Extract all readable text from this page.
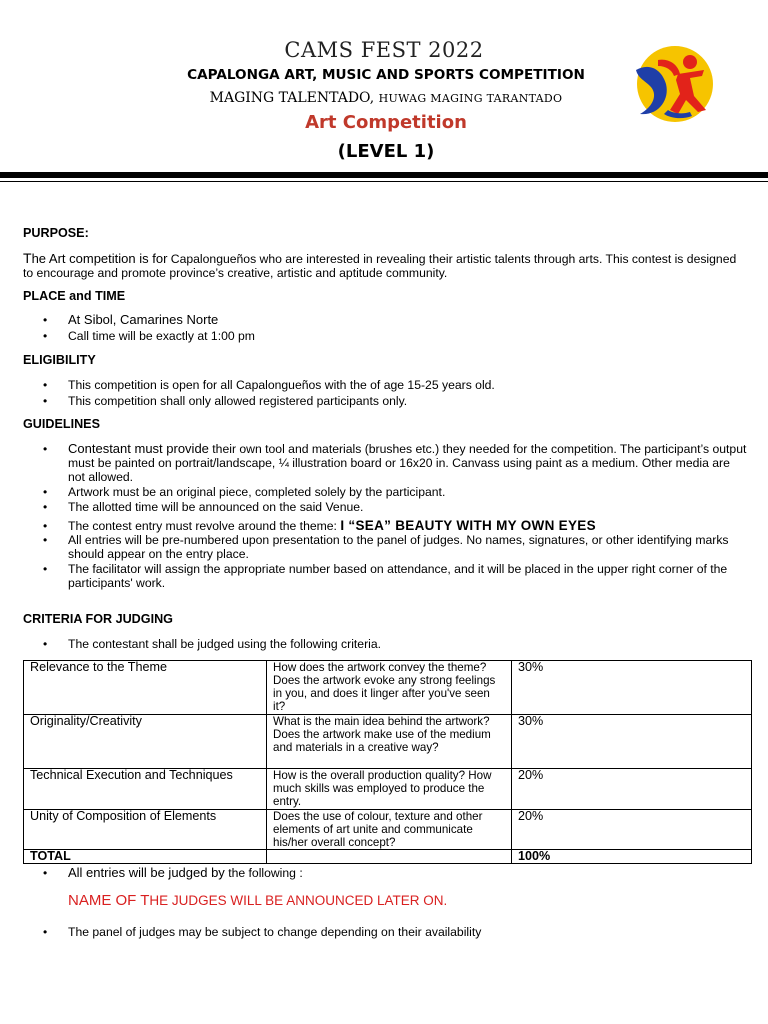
CAMS FEST 2022
CAPALONGA ART, MUSIC AND SPORTS COMPETITION
MAGING TALENTADO, HUWAG MAGING TARANTADO
Art Competition
(LEVEL 1)

PURPOSE:

The Art competition is for Capalongueños who are interested in revealing their artistic talents through arts. This contest is designed to encourage and promote province’s creative, artistic and aptitude community.

PLACE and TIME

• At Sibol, Camarines Norte
• Call time will be exactly at 1:00 pm

ELIGIBILITY

• This competition is open for all Capalongueños with the of age 15-25 years old.
• This competition shall only allowed registered participants only.

GUIDELINES

• Contestant must provide their own tool and materials (brushes etc.) they needed for the competition. The participant’s output must be painted on portrait/landscape, ¼ illustration board or 16x20 in. Canvass using paint as a medium. Other media are not allowed.
• Artwork must be an original piece, completed solely by the participant.
• The allotted time will be announced on the said Venue.
• The contest entry must revolve around the theme: I “SEA” BEAUTY WITH MY OWN EYES
• All entries will be pre-numbered upon presentation to the panel of judges. No names, signatures, or other identifying marks should appear on the entry place.
• The facilitator will assign the appropriate number based on attendance, and it will be placed in the upper right corner of the participants' work.

CRITERIA FOR JUDGING

• The contestant shall be judged using the following criteria.
Relevance to the Theme	How does the artwork convey the theme? Does the artwork evoke any strong feelings in you, and does it linger after you've seen it?	30%
Originality/Creativity	What is the main idea behind the artwork? Does the artwork make use of the medium and materials in a creative way?	30%
Technical Execution and Techniques	How is the overall production quality? How much skills was employed to produce the entry.	20%
Unity of Composition of Elements	Does the use of colour, texture and other elements of art unite and communicate his/her overall concept?	20%
TOTAL		100%
• All entries will be judged by the following :

NAME OF THE JUDGES WILL BE ANNOUNCED LATER ON.

• The panel of judges may be subject to change depending on their availability
